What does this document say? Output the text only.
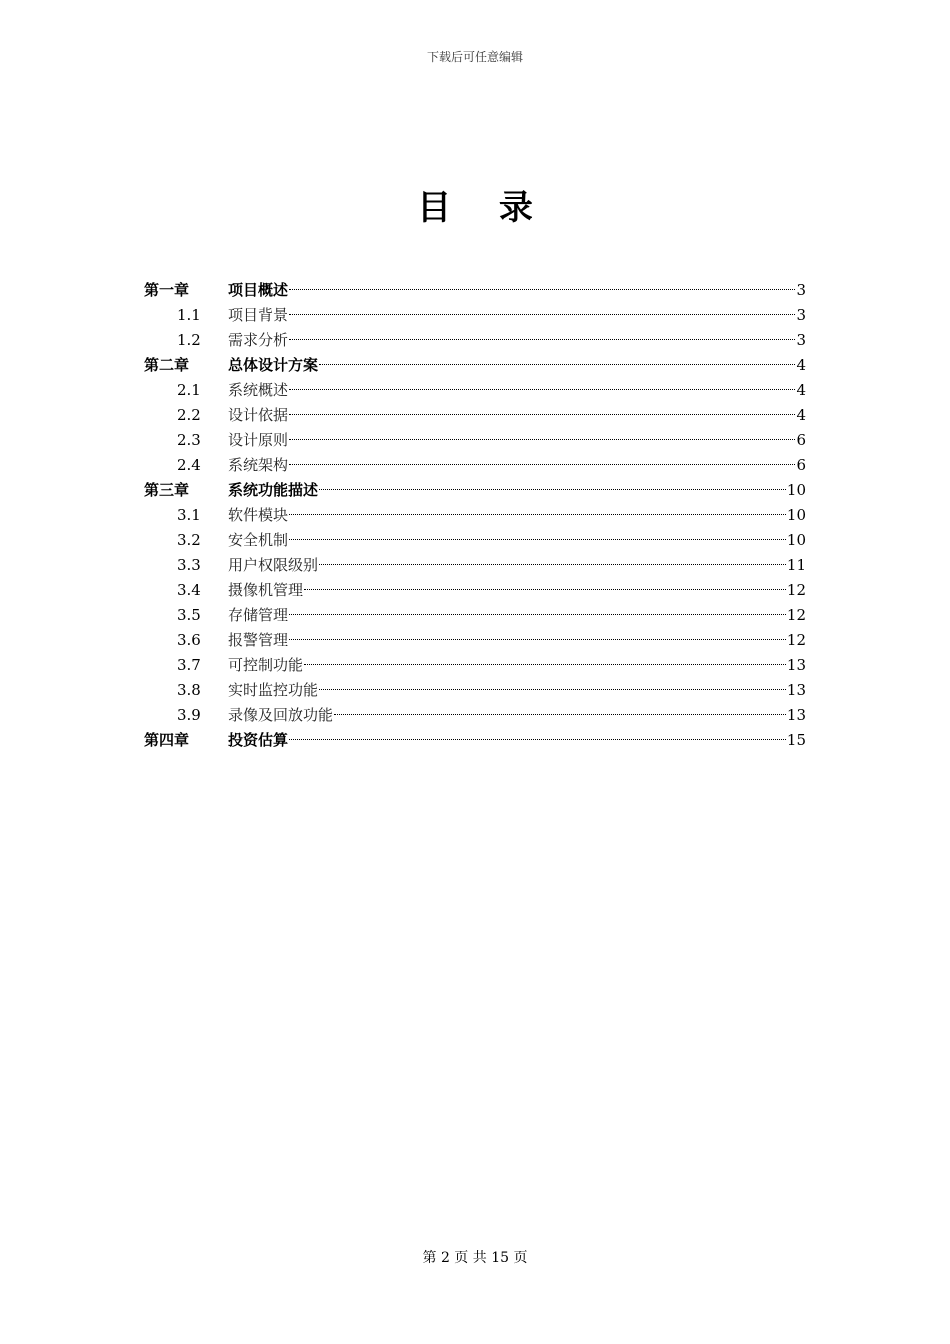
下载后可任意编辑
目 录
第一章	项目概述	3
1.1	项目背景	3
1.2	需求分析	3
第二章	总体设计方案	4
2.1	系统概述	4
2.2	设计依据	4
2.3	设计原则	6
2.4	系统架构	6
第三章	系统功能描述	10
3.1	软件模块	10
3.2	安全机制	10
3.3	用户权限级别	11
3.4	摄像机管理	12
3.5	存储管理	12
3.6	报警管理	12
3.7	可控制功能	13
3.8	实时监控功能	13
3.9	录像及回放功能	13
第四章	投资估算	15
第 2 页 共 15 页
